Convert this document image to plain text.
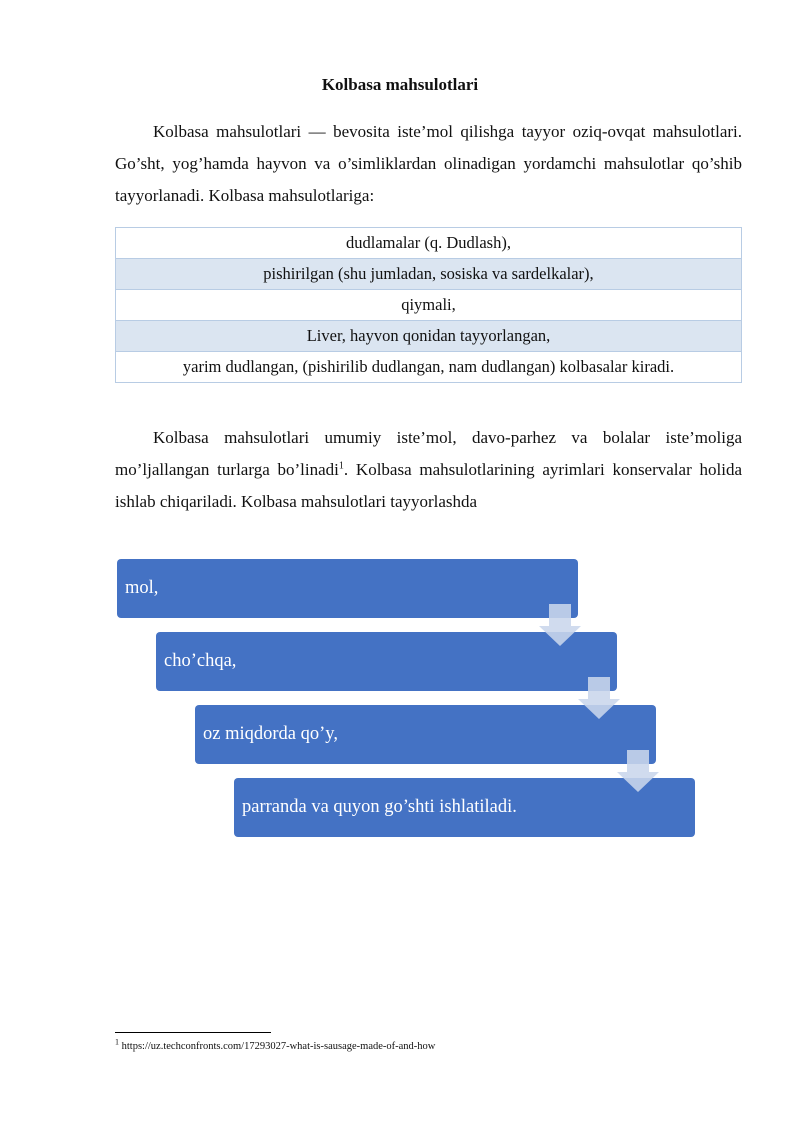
Kolbasa mahsulotlari

Kolbasa mahsulotlari — bevosita iste’mol qilishga tayyor oziq-ovqat mahsulotlari. Go’sht, yog’hamda hayvon va o’simliklardan olinadigan yordamchi mahsulotlar qo’shib tayyorlanadi. Kolbasa mahsulotlariga:

dudlamalar (q. Dudlash),
pishirilgan (shu jumladan, sosiska va sardelkalar),
qiymali,
Liver, hayvon qonidan tayyorlangan,
yarim dudlangan, (pishirilib dudlangan, nam dudlangan) kolbasalar kiradi.

Kolbasa mahsulotlari umumiy iste’mol, davo-parhez va bolalar iste’moliga mo’ljallangan turlarga bo’linadi$^1$. Kolbasa mahsulotlarining ayrimlari konservalar holida ishlab chiqariladi. Kolbasa mahsulotlari tayyorlashda

mol,
cho’chqa,
oz miqdorda qo’y,
parranda va quyon go’shti ishlatiladi.
$^1$ https://uz.techconfronts.com/17293027-what-is-sausage-made-of-and-how
